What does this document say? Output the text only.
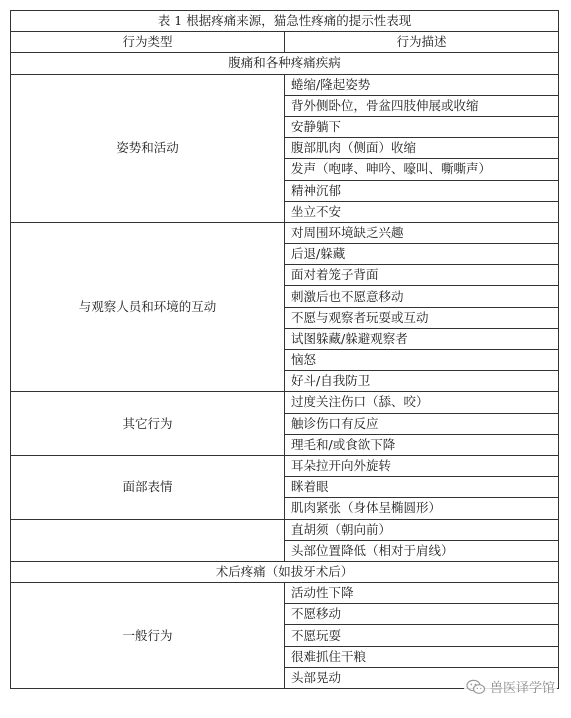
表 1 根据疼痛来源，猫急性疼痛的提示性表现	
行为类型	行为描述
腹痛和各种疼痛疾病	
姿势和活动	蜷缩/隆起姿势
	背外侧卧位，骨盆四肢伸展或收缩
	安静躺下
	腹部肌肉（侧面）收缩
	发声（咆哮、呻吟、嚎叫、嘶嘶声）
	精神沉郁
	坐立不安
与观察人员和环境的互动	对周围环境缺乏兴趣
	后退/躲藏
	面对着笼子背面
	刺激后也不愿意移动
	不愿与观察者玩耍或互动
	试图躲藏/躲避观察者
	恼怒
	好斗/自我防卫
其它行为	过度关注伤口（舔、咬）
	触诊伤口有反应
	理毛和/或食欲下降
面部表情	耳朵拉开向外旋转
	眯着眼
	肌肉紧张（身体呈椭圆形）
	直胡须（朝向前）
	头部位置降低（相对于肩线）
术后疼痛（如拔牙术后）	
一般行为	活动性下降
	不愿移动
	不愿玩耍
	很难抓住干粮
	头部晃动
兽医译学馆
